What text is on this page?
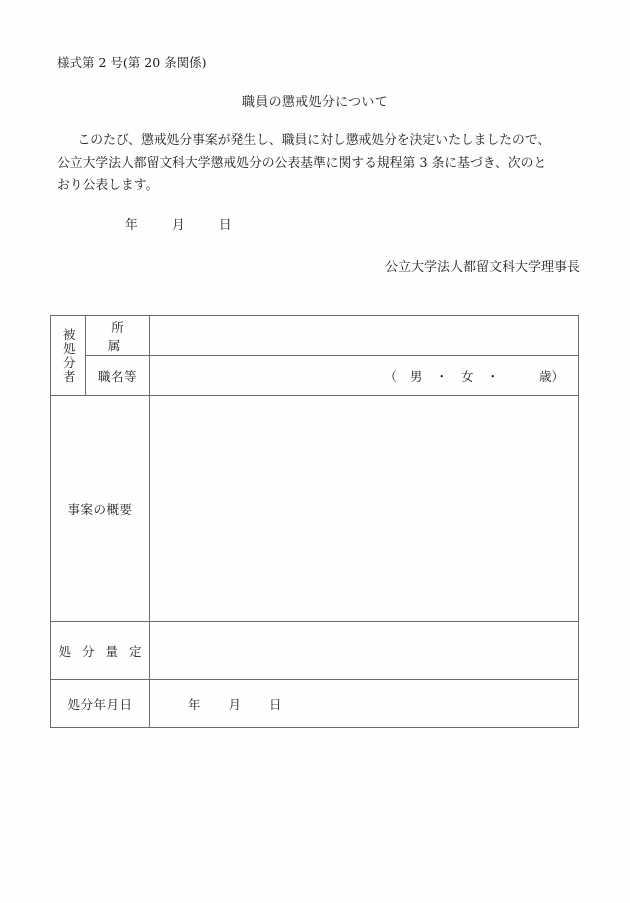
様式第 2 号(第 20 条関係)
職員の懲戒処分について

このたび、懲戒処分事案が発生し、職員に対し懲戒処分を決定いたしましたので、

公立大学法人都留文科大学懲戒処分の公表基準に関する規程第 3 条に基づき、次のと

おり公表します。

年	月	日
公立大学法人都留文科大学理事長
被処分者	所　属	
	職名等	（ 男 ・ 女 ・ 歳）

事案の概要		
処 分 量 定		
処分年月日		年 月 日
